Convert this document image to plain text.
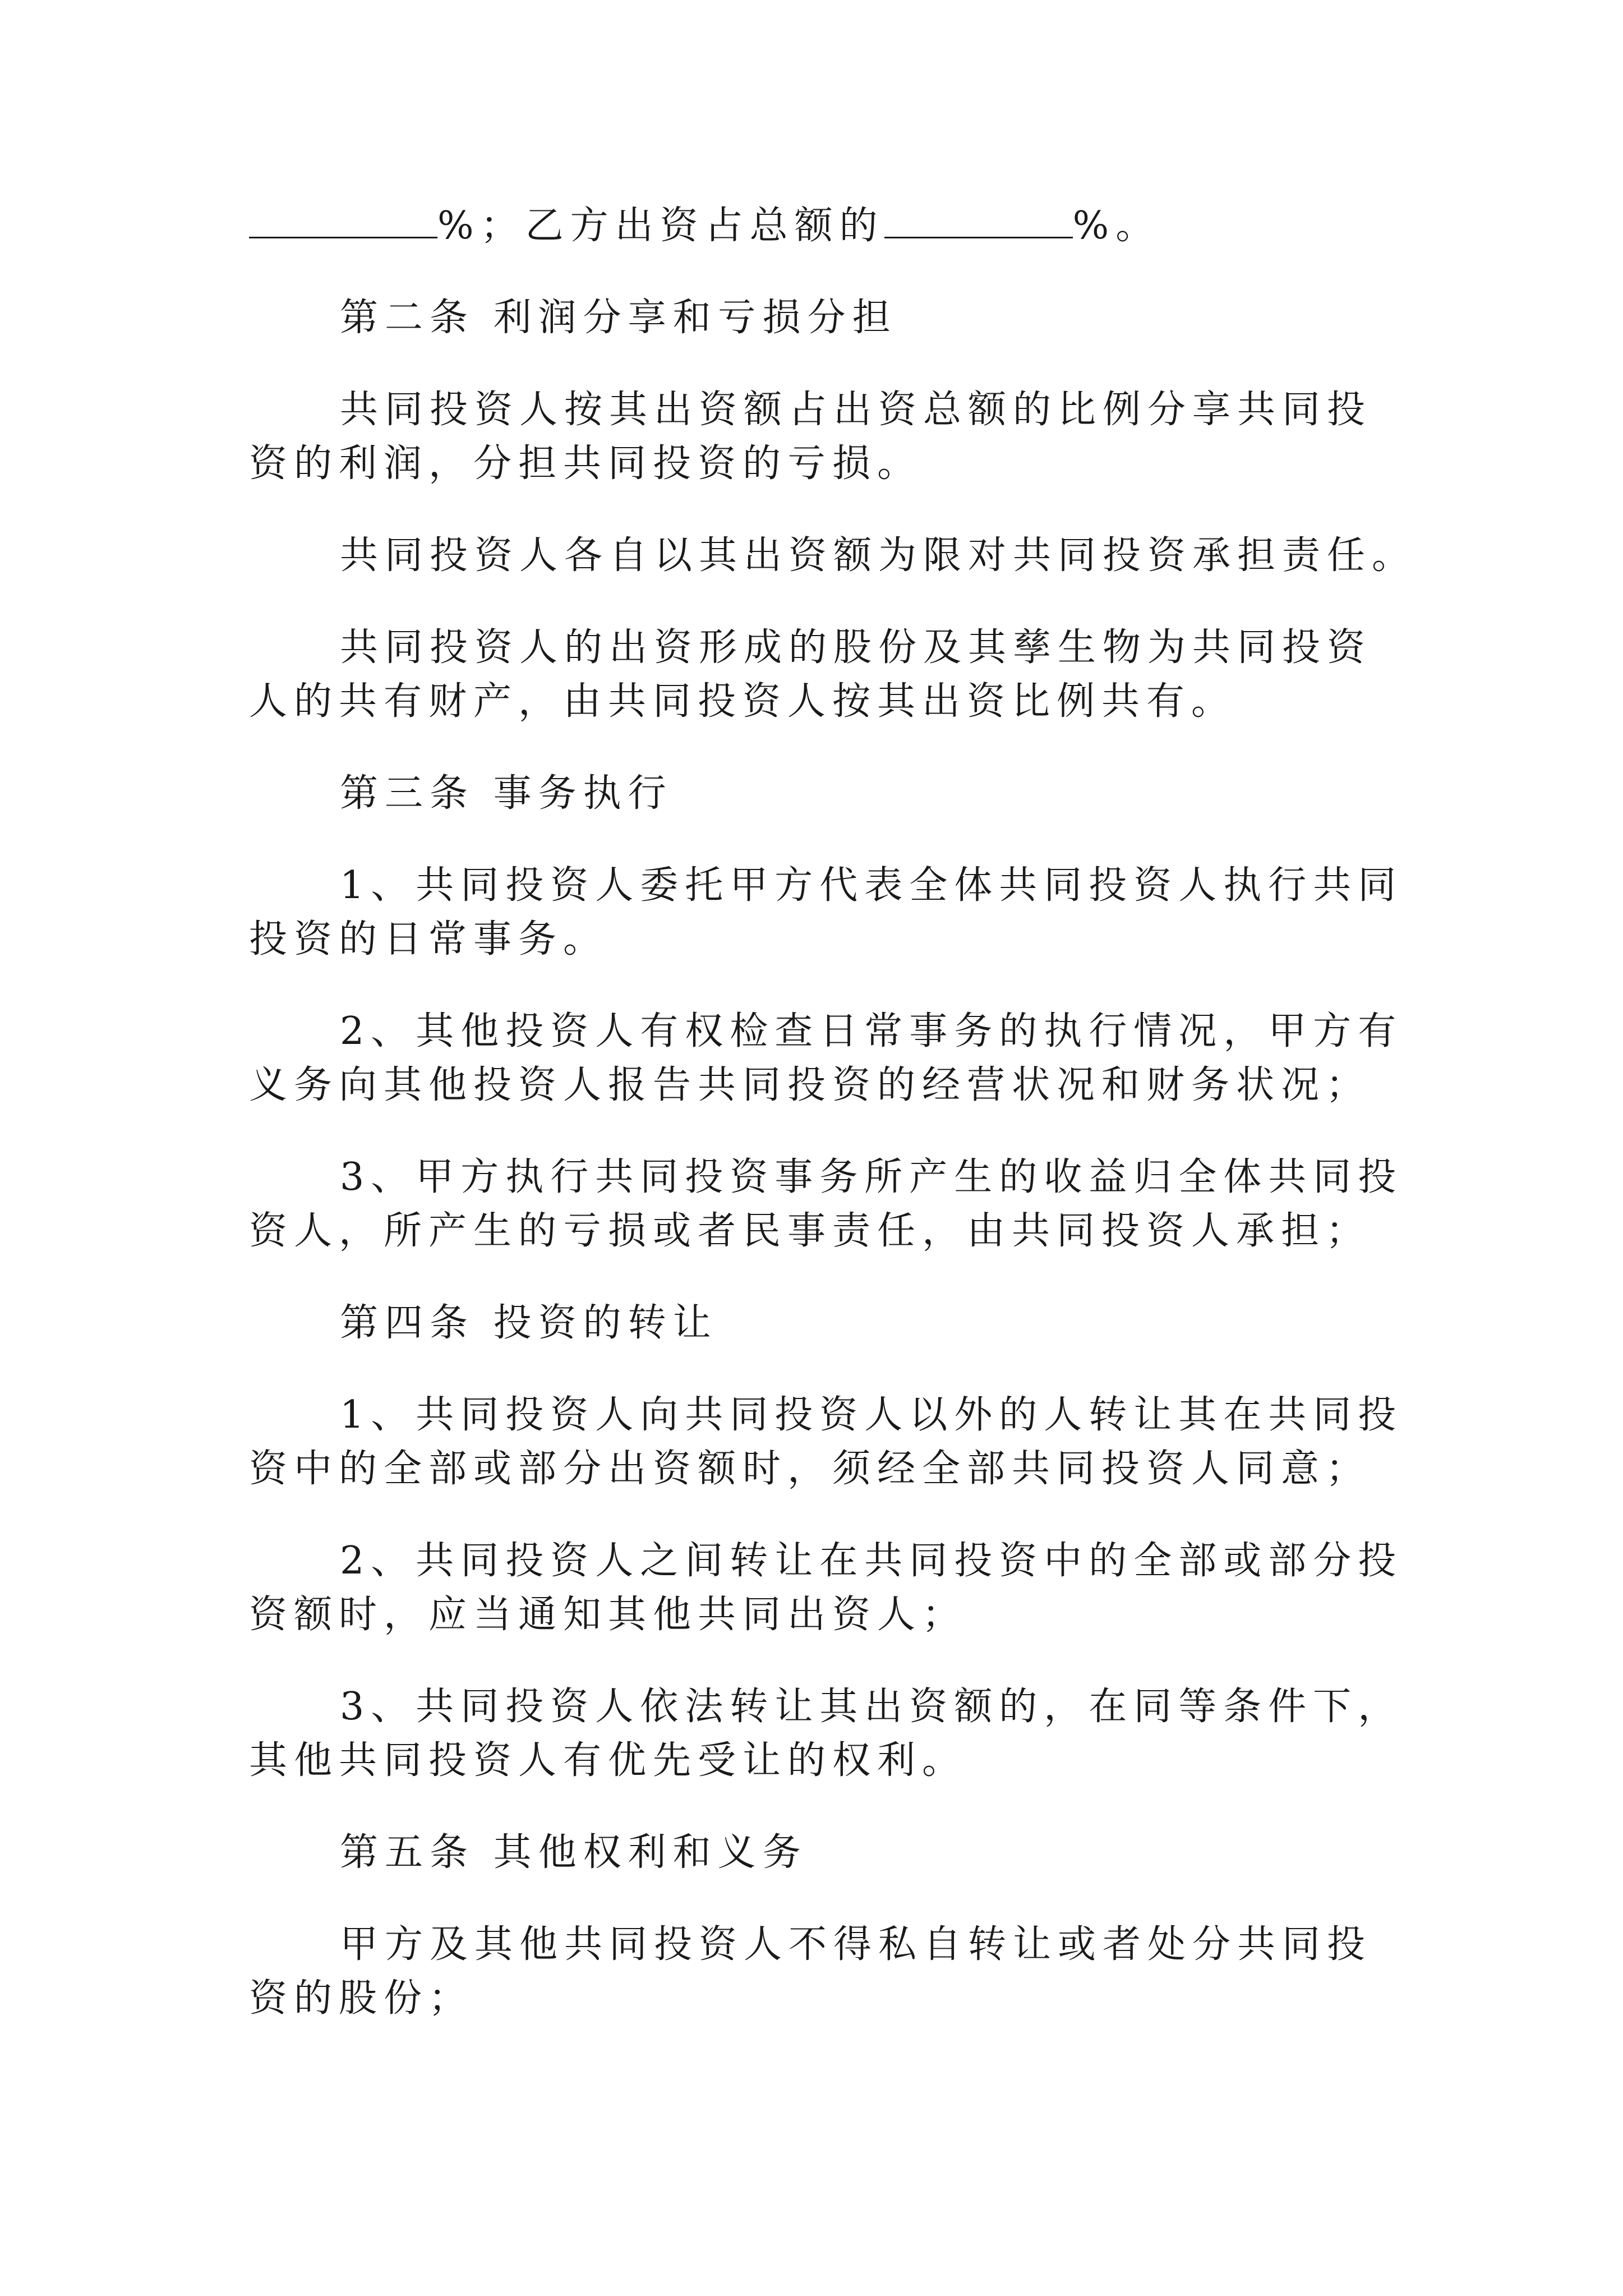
%；乙方出资占总额的	%。
第二条 利润分享和亏损分担
共同投资人按其出资额占出资总额的比例分享共同投
资的利润，分担共同投资的亏损。
共同投资人各自以其出资额为限对共同投资承担责任。
共同投资人的出资形成的股份及其孳生物为共同投资
人的共有财产，由共同投资人按其出资比例共有。
第三条 事务执行
1、共同投资人委托甲方代表全体共同投资人执行共同
投资的日常事务。
2、其他投资人有权检查日常事务的执行情况，甲方有
义务向其他投资人报告共同投资的经营状况和财务状况；
3、甲方执行共同投资事务所产生的收益归全体共同投
资人，所产生的亏损或者民事责任，由共同投资人承担；
第四条 投资的转让
1、共同投资人向共同投资人以外的人转让其在共同投
资中的全部或部分出资额时，须经全部共同投资人同意；
2、共同投资人之间转让在共同投资中的全部或部分投
资额时，应当通知其他共同出资人；
3、共同投资人依法转让其出资额的，在同等条件下，
其他共同投资人有优先受让的权利。
第五条 其他权利和义务
甲方及其他共同投资人不得私自转让或者处分共同投
资的股份；
